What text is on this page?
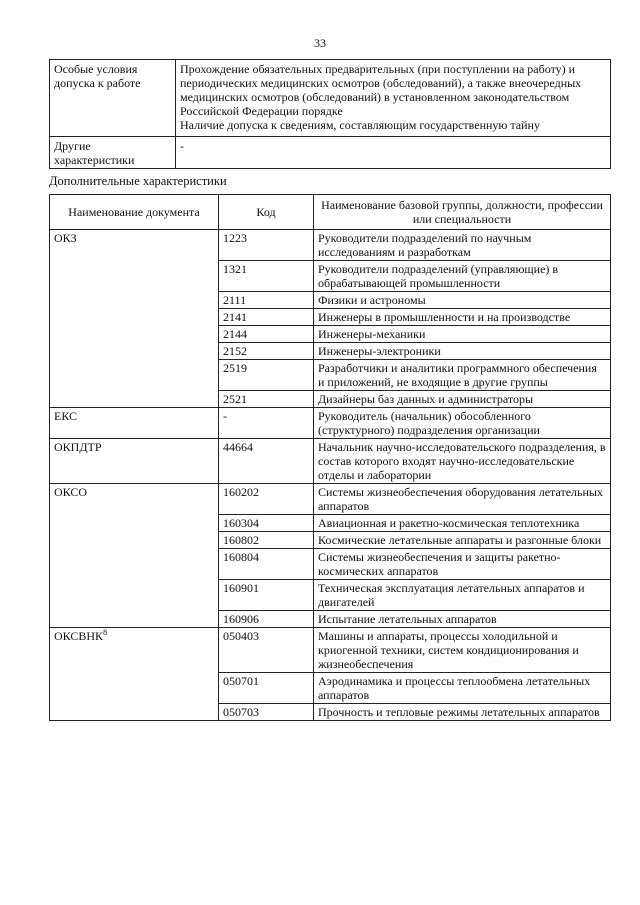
33
Особые условия допуска к работе	Прохождение обязательных предварительных (при поступлении на работу) и периодических медицинских осмотров (обследований), а также внеочередных медицинских осмотров (обследований) в установленном законодательством Российской Федерации порядке
Наличие допуска к сведениям, составляющим государственную тайну

Другие характеристики	-
Дополнительные характеристики
Наименование документа	Код	Наименование базовой группы, должности, профессии или специальности
ОКЗ	1223	Руководители подразделений по научным исследованиям и разработкам
	1321	Руководители подразделений (управляющие) в обрабатывающей промышленности
	2111	Физики и астрономы
	2141	Инженеры в промышленности и на производстве
	2144	Инженеры-механики
	2152	Инженеры-электроники
	2519	Разработчики и аналитики программного обеспечения и приложений, не входящие в другие группы
	2521	Дизайнеры баз данных и администраторы
ЕКС	-	Руководитель (начальник) обособленного (структурного) подразделения организации
ОКПДТР	44664	Начальник научно-исследовательского подразделения, в состав которого входят научно-исследовательские отделы и лаборатории
ОКСО	160202	Системы жизнеобеспечения оборудования летательных аппаратов
	160304	Авиационная и ракетно-космическая теплотехника
	160802	Космические летательные аппараты и разгонные блоки
	160804	Системы жизнеобеспечения и защиты ракетно-космических аппаратов
	160901	Техническая эксплуатация летательных аппаратов и двигателей
	160906	Испытание летательных аппаратов
ОКСВНК$^8$	050403	Машины и аппараты, процессы холодильной и криогенной техники, систем кондиционирования и жизнеобеспечения
	050701	Аэродинамика и процессы теплообмена летательных аппаратов
	050703	Прочность и тепловые режимы летательных аппаратов
